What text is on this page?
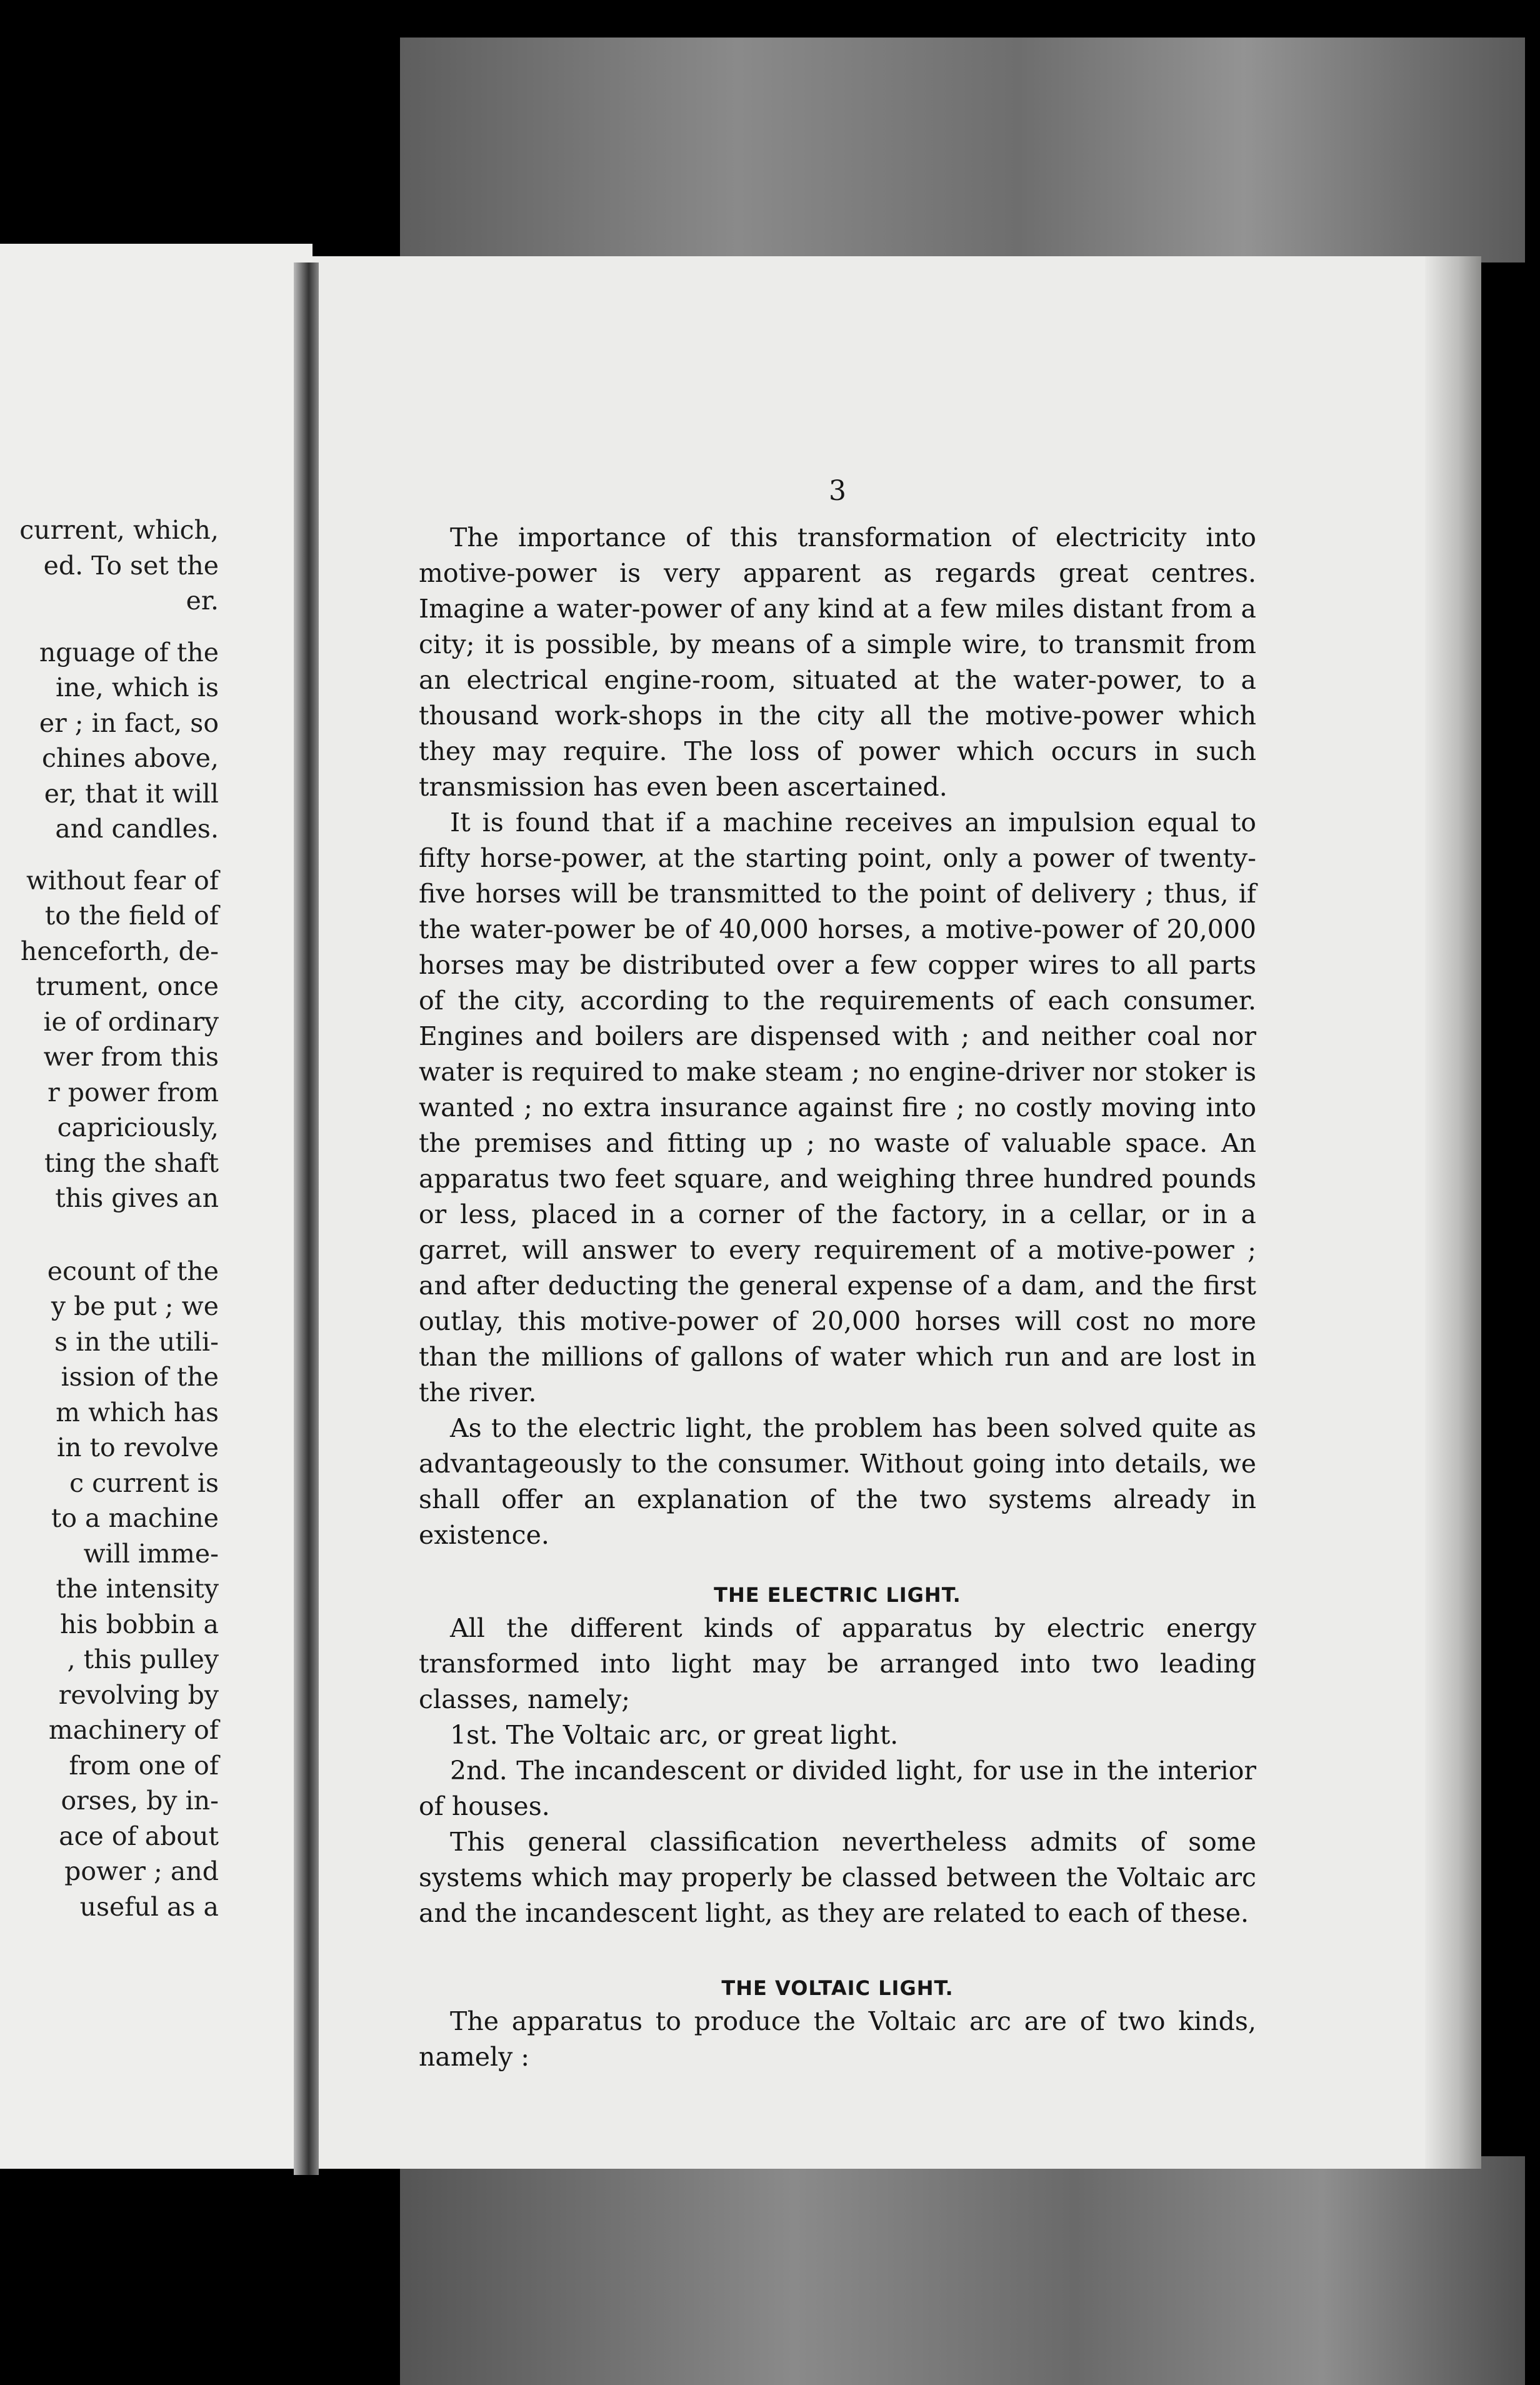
current, which,
ed. To set the
er.
nguage of the
ine, which is
er ; in fact, so
chines above,
er, that it will
and candles.
without fear of
to the field of
henceforth, de-
trument, once
ie of ordinary
wer from this
r power from
capriciously,
ting the shaft
this gives an
ecount of the
y be put ; we
s in the utili-
ission of the
m which has
in to revolve
c current is
to a machine
will imme-
the intensity
his bobbin a
, this pulley
revolving by
machinery of
from one of
orses, by in-
ace of about
power ; and
useful as a
3

The importance of this transformation of electricity into motive-power is very apparent as regards great centres. Imagine a water-power of any kind at a few miles distant from a city; it is possible, by means of a simple wire, to transmit from an electrical engine-room, situated at the water-power, to a thousand work-shops in the city all the motive-power which they may require. The loss of power which occurs in such transmission has even been ascertained.

It is found that if a machine receives an impulsion equal to fifty horse-power, at the starting point, only a power of twenty-five horses will be transmitted to the point of delivery ; thus, if the water-power be of 40,000 horses, a motive-power of 20,000 horses may be distributed over a few copper wires to all parts of the city, according to the requirements of each consumer. Engines and boilers are dispensed with ; and neither coal nor water is required to make steam ; no engine-driver nor stoker is wanted ; no extra insurance against fire ; no costly moving into the premises and fitting up ; no waste of valuable space. An apparatus two feet square, and weighing three hundred pounds or less, placed in a corner of the factory, in a cellar, or in a garret, will answer to every requirement of a motive-power ; and after deducting the general expense of a dam, and the first outlay, this motive-power of 20,000 horses will cost no more than the millions of gallons of water which run and are lost in the river.

As to the electric light, the problem has been solved quite as advantageously to the consumer. Without going into details, we shall offer an explanation of the two systems already in existence.

THE ELECTRIC LIGHT.

All the different kinds of apparatus by electric energy transformed into light may be arranged into two leading classes, namely;

1st. The Voltaic arc, or great light.

2nd. The incandescent or divided light, for use in the interior of houses.

This general classification nevertheless admits of some systems which may properly be classed between the Voltaic arc and the incandescent light, as they are related to each of these.

THE VOLTAIC LIGHT.

The apparatus to produce the Voltaic arc are of two kinds, namely :
